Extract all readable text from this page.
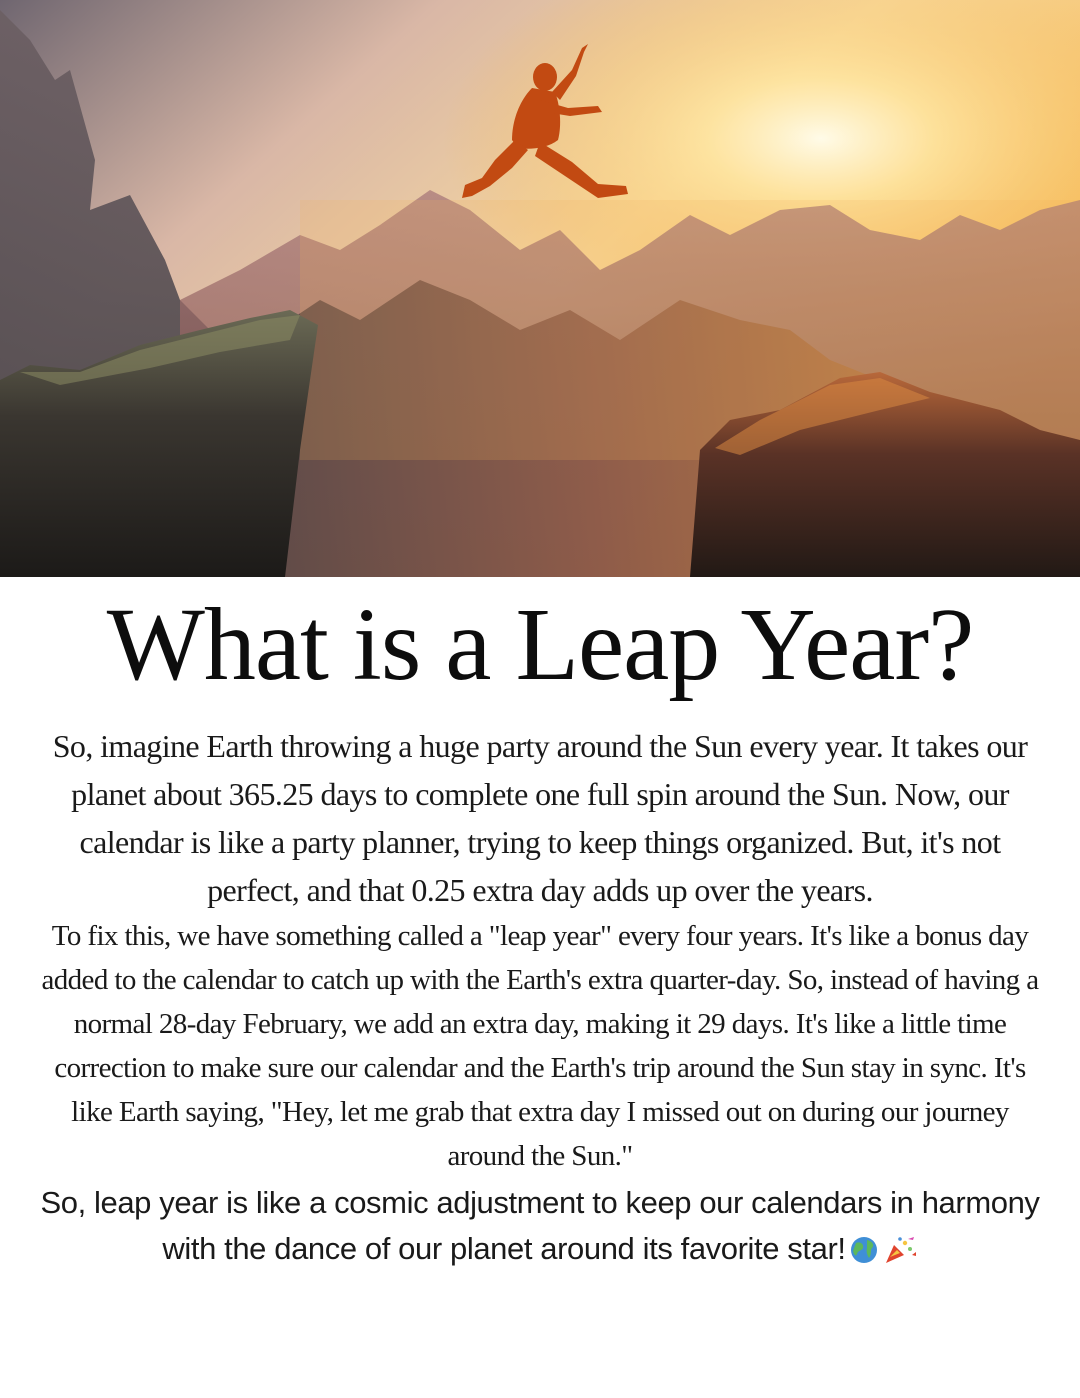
What is a Leap Year?

So, imagine Earth throwing a huge party around the Sun every year. It takes our planet about 365.25 days to complete one full spin around the Sun. Now, our calendar is like a party planner, trying to keep things organized. But, it's not perfect, and that 0.25 extra day adds up over the years.

To fix this, we have something called a "leap year" every four years. It's like a bonus day added to the calendar to catch up with the Earth's extra quarter-day. So, instead of having a normal 28-day February, we add an extra day, making it 29 days. It's like a little time correction to make sure our calendar and the Earth's trip around the Sun stay in sync. It's like Earth saying, "Hey, let me grab that extra day I missed out on during our journey around the Sun."

So, leap year is like a cosmic adjustment to keep our calendars in harmony with the dance of our planet around its favorite star!
